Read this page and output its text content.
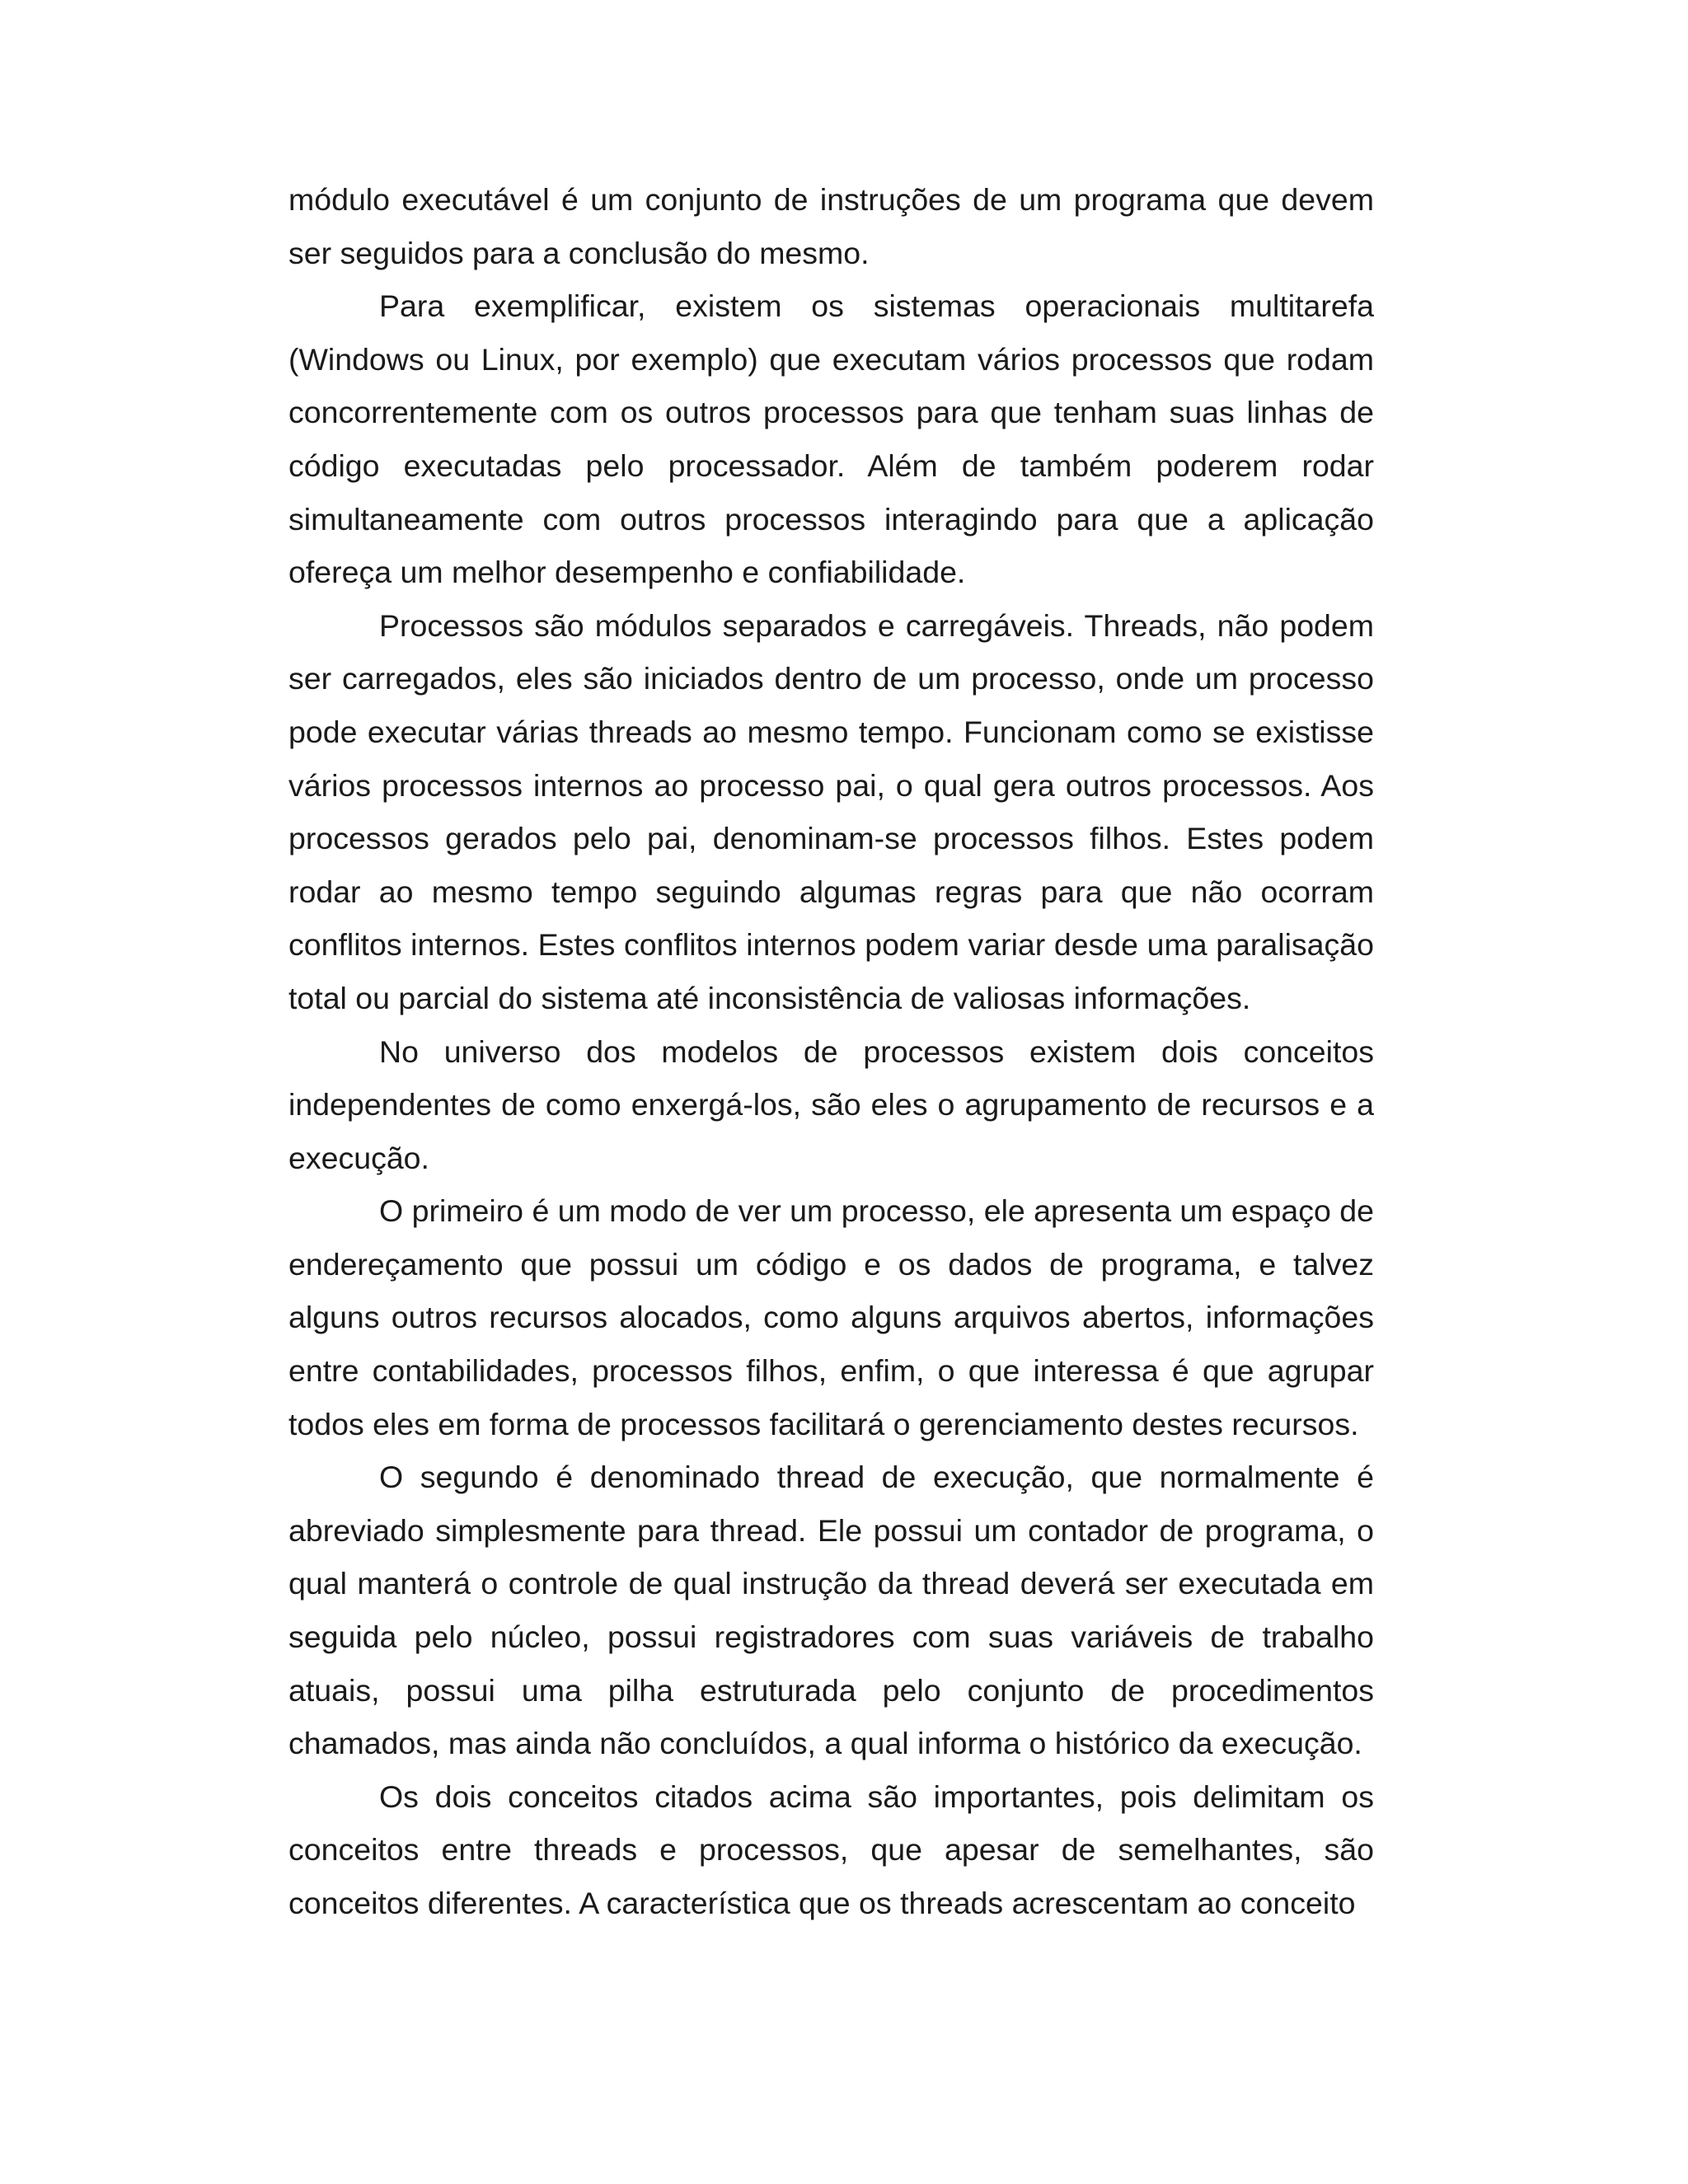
módulo executável é um conjunto de instruções de um programa que devem ser seguidos para a conclusão do mesmo.

Para exemplificar, existem os sistemas operacionais multitarefa (Windows ou Linux, por exemplo) que executam vários processos que rodam concorrentemente com os outros processos para que tenham suas linhas de código executadas pelo processador. Além de também poderem rodar simultaneamente com outros processos interagindo para que a aplicação ofereça um melhor desempenho e confiabilidade.

Processos são módulos separados e carregáveis. Threads, não podem ser carregados, eles são iniciados dentro de um processo, onde um processo pode executar várias threads ao mesmo tempo. Funcionam como se existisse vários processos internos ao processo pai, o qual gera outros processos. Aos processos gerados pelo pai, denominam-se processos filhos. Estes podem rodar ao mesmo tempo seguindo algumas regras para que não ocorram conflitos internos. Estes conflitos internos podem variar desde uma paralisação total ou parcial do sistema até inconsistência de valiosas informações.

No universo dos modelos de processos existem dois conceitos independentes de como enxergá-los, são eles o agrupamento de recursos e a execução.

O primeiro é um modo de ver um processo, ele apresenta um espaço de endereçamento que possui um código e os dados de programa, e talvez alguns outros recursos alocados, como alguns arquivos abertos, informações entre contabilidades, processos filhos, enfim, o que interessa é que agrupar todos eles em forma de processos facilitará o gerenciamento destes recursos.

O segundo é denominado thread de execução, que normalmente é abreviado simplesmente para thread. Ele possui um contador de programa, o qual manterá o controle de qual instrução da thread deverá ser executada em seguida pelo núcleo, possui registradores com suas variáveis de trabalho atuais, possui uma pilha estruturada pelo conjunto de procedimentos chamados, mas ainda não concluídos, a qual informa o histórico da execução.

Os dois conceitos citados acima são importantes, pois delimitam os conceitos entre threads e processos, que apesar de semelhantes, são conceitos diferentes. A característica que os threads acrescentam ao conceito
